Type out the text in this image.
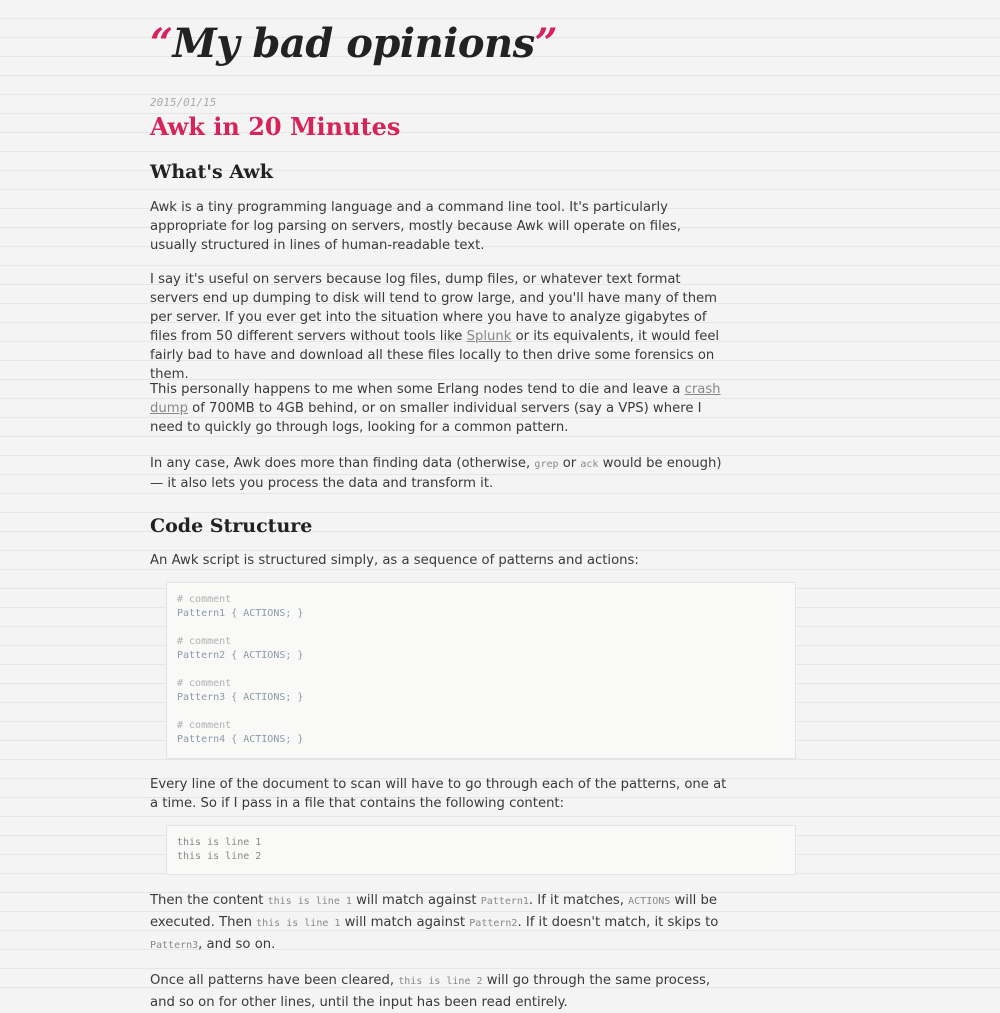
“My bad opinions”
2015/01/15
Awk in 20 Minutes
What's Awk

Awk is a tiny programming language and a command line tool. It's particularly appropriate for log parsing on servers, mostly because Awk will operate on files, usually structured in lines of human-readable text.

I say it's useful on servers because log files, dump files, or whatever text format servers end up dumping to disk will tend to grow large, and you'll have many of them per server. If you ever get into the situation where you have to analyze gigabytes of files from 50 different servers without tools like Splunk or its equivalents, it would feel fairly bad to have and download all these files locally to then drive some forensics on them.

This personally happens to me when some Erlang nodes tend to die and leave a crash dump of 700MB to 4GB behind, or on smaller individual servers (say a VPS) where I need to quickly go through logs, looking for a common pattern.

In any case, Awk does more than finding data (otherwise, grep or ack would be enough) — it also lets you process the data and transform it.

Code Structure

An Awk script is structured simply, as a sequence of patterns and actions:

# comment
Pattern1 { ACTIONS; }
# comment
Pattern2 { ACTIONS; }
# comment
Pattern3 { ACTIONS; }
# comment
Pattern4 { ACTIONS; }

Every line of the document to scan will have to go through each of the patterns, one at a time. So if I pass in a file that contains the following content:

this is line 1
this is line 2

Then the content this is line 1 will match against Pattern1. If it matches, ACTIONS will be executed. Then this is line 1 will match against Pattern2. If it doesn't match, it skips to Pattern3, and so on.

Once all patterns have been cleared, this is line 2 will go through the same process, and so on for other lines, until the input has been read entirely.
